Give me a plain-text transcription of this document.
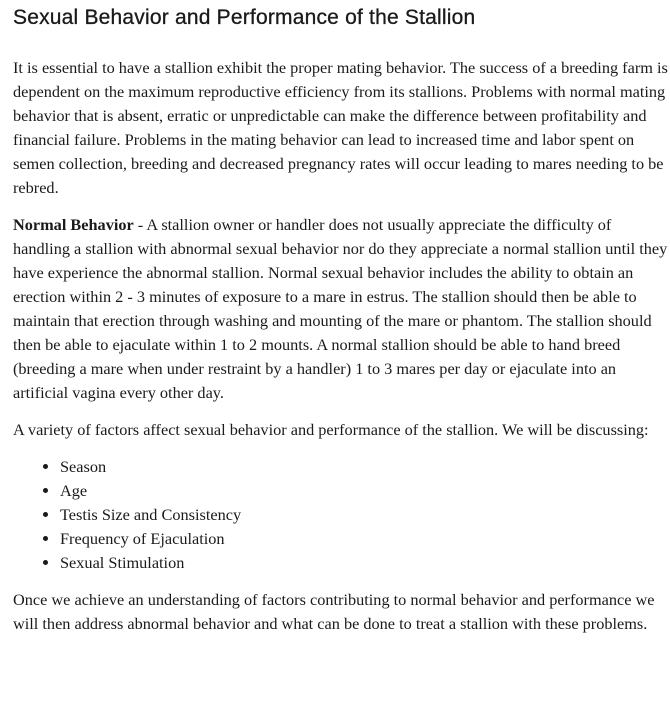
Sexual Behavior and Performance of the Stallion

It is essential to have a stallion exhibit the proper mating behavior. The success of a breeding farm is dependent on the maximum reproductive efficiency from its stallions. Problems with normal mating behavior that is absent, erratic or unpredictable can make the difference between profitability and financial failure. Problems in the mating behavior can lead to increased time and labor spent on semen collection, breeding and decreased pregnancy rates will occur leading to mares needing to be rebred.

Normal Behavior - A stallion owner or handler does not usually appreciate the difficulty of handling a stallion with abnormal sexual behavior nor do they appreciate a normal stallion until they have experience the abnormal stallion. Normal sexual behavior includes the ability to obtain an erection within 2 - 3 minutes of exposure to a mare in estrus. The stallion should then be able to maintain that erection through washing and mounting of the mare or phantom. The stallion should then be able to ejaculate within 1 to 2 mounts. A normal stallion should be able to hand breed (breeding a mare when under restraint by a handler) 1 to 3 mares per day or ejaculate into an artificial vagina every other day.

A variety of factors affect sexual behavior and performance of the stallion. We will be discussing:

• Season
• Age
• Testis Size and Consistency
• Frequency of Ejaculation
• Sexual Stimulation

Once we achieve an understanding of factors contributing to normal behavior and performance we will then address abnormal behavior and what can be done to treat a stallion with these problems.
